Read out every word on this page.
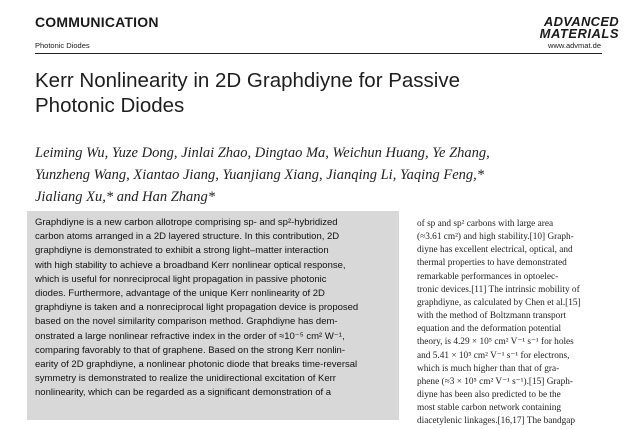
COMMUNICATION
Photonic Diodes
ADVANCED
MATERIALS
www.advmat.de
Kerr Nonlinearity in 2D Graphdiyne for Passive
Photonic Diodes
Leiming Wu, Yuze Dong, Jinlai Zhao, Dingtao Ma, Weichun Huang, Ye Zhang,
Yunzheng Wang, Xiantao Jiang, Yuanjiang Xiang, Jianqing Li, Yaqing Feng,*
Jialiang Xu,* and Han Zhang*

Graphdiyne is a new carbon allotrope comprising sp- and sp²-hybridized
carbon atoms arranged in a 2D layered structure. In this contribution, 2D
graphdiyne is demonstrated to exhibit a strong light–matter interaction
with high stability to achieve a broadband Kerr nonlinear optical response,
which is useful for nonreciprocal light propagation in passive photonic
diodes. Furthermore, advantage of the unique Kerr nonlinearity of 2D
graphdiyne is taken and a nonreciprocal light propagation device is proposed
based on the novel similarity comparison method. Graphdiyne has dem-
onstrated a large nonlinear refractive index in the order of ≈10⁻⁵ cm² W⁻¹,
comparing favorably to that of graphene. Based on the strong Kerr nonlin-
earity of 2D graphdiyne, a nonlinear photonic diode that breaks time-reversal
symmetry is demonstrated to realize the unidirectional excitation of Kerr
nonlinearity, which can be regarded as a significant demonstration of a

of sp and sp² carbons with large area
(≈3.61 cm²) and high stability.[10] Graph-
diyne has excellent electrical, optical, and
thermal properties to have demonstrated
remarkable performances in optoelec-
tronic devices.[11] The intrinsic mobility of
graphdiyne, as calculated by Chen et al.[15]
with the method of Boltzmann transport
equation and the deformation potential
theory, is 4.29 × 10⁵ cm² V⁻¹ s⁻¹ for holes
and 5.41 × 10⁵ cm² V⁻¹ s⁻¹ for electrons,
which is much higher than that of gra-
phene (≈3 × 10⁵ cm² V⁻¹ s⁻¹).[15] Graph-
diyne has been also predicted to be the
most stable carbon network containing
diacetylenic linkages.[16,17] The bandgap
